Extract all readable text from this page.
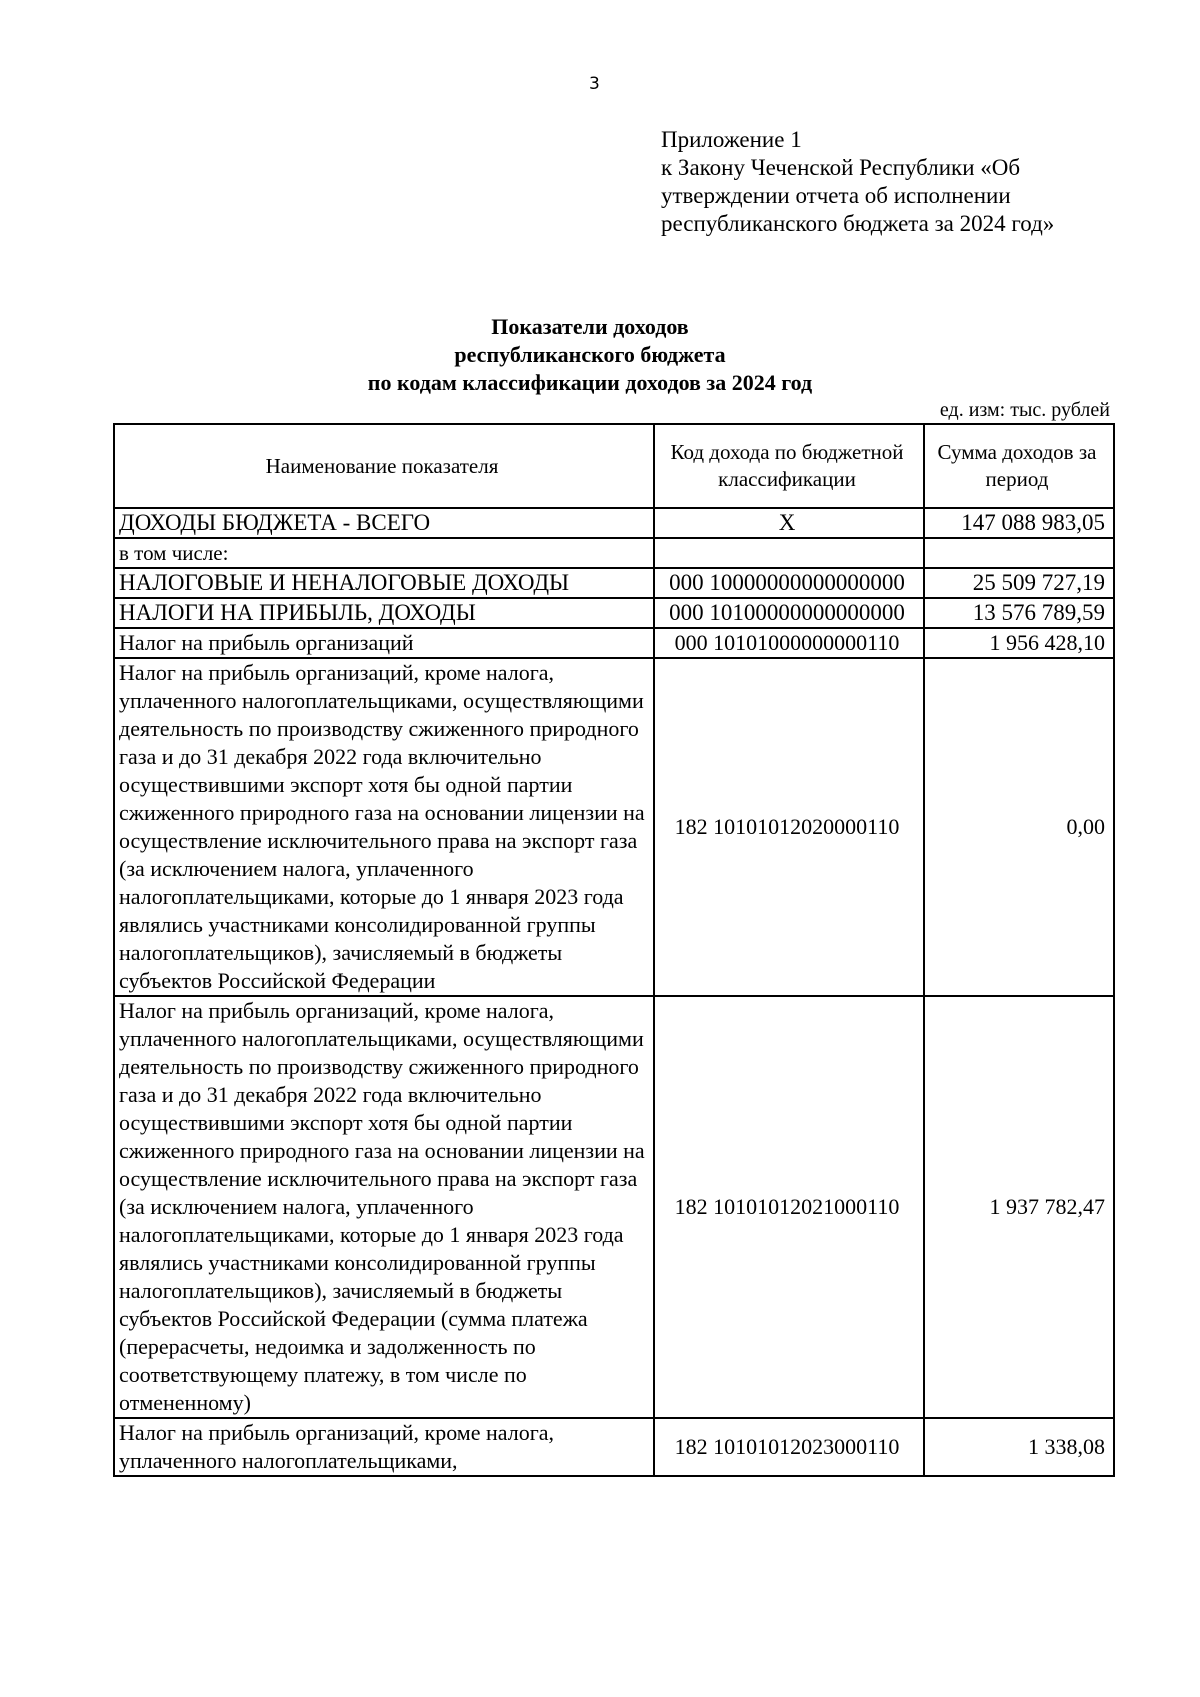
3
Приложение 1
к Закону Чеченской Республики «Об
утверждении отчета об исполнении
республиканского бюджета за 2024 год»
Показатели доходов
республиканского бюджета
по кодам классификации доходов за 2024 год
ед. изм: тыс. рублей
Наименование показателя	Код дохода по бюджетной классификации	Сумма доходов за период
ДОХОДЫ БЮДЖЕТА - ВСЕГО	X	147 088 983,05
в том числе:		
НАЛОГОВЫЕ И НЕНАЛОГОВЫЕ ДОХОДЫ	000 10000000000000000	25 509 727,19
НАЛОГИ НА ПРИБЫЛЬ, ДОХОДЫ	000 10100000000000000	13 576 789,59
Налог на прибыль организаций	000 10101000000000110	1 956 428,10
Налог на прибыль организаций, кроме налога, уплаченного налогоплательщиками, осуществляющими деятельность по производству сжиженного природного газа и до 31 декабря 2022 года включительно осуществившими экспорт хотя бы одной партии сжиженного природного газа на основании лицензии на осуществление исключительного права на экспорт газа (за исключением налога, уплаченного налогоплательщиками, которые до 1 января 2023 года являлись участниками консолидированной группы налогоплательщиков), зачисляемый в бюджеты субъектов Российской Федерации	182 10101012020000110	0,00
Налог на прибыль организаций, кроме налога, уплаченного налогоплательщиками, осуществляющими деятельность по производству сжиженного природного газа и до 31 декабря 2022 года включительно осуществившими экспорт хотя бы одной партии сжиженного природного газа на основании лицензии на осуществление исключительного права на экспорт газа (за исключением налога, уплаченного налогоплательщиками, которые до 1 января 2023 года являлись участниками консолидированной группы налогоплательщиков), зачисляемый в бюджеты субъектов Российской Федерации (сумма платежа (перерасчеты, недоимка и задолженность по соответствующему платежу, в том числе по отмененному)	182 10101012021000110	1 937 782,47
Налог на прибыль организаций, кроме налога, уплаченного налогоплательщиками,	182 10101012023000110	1 338,08
